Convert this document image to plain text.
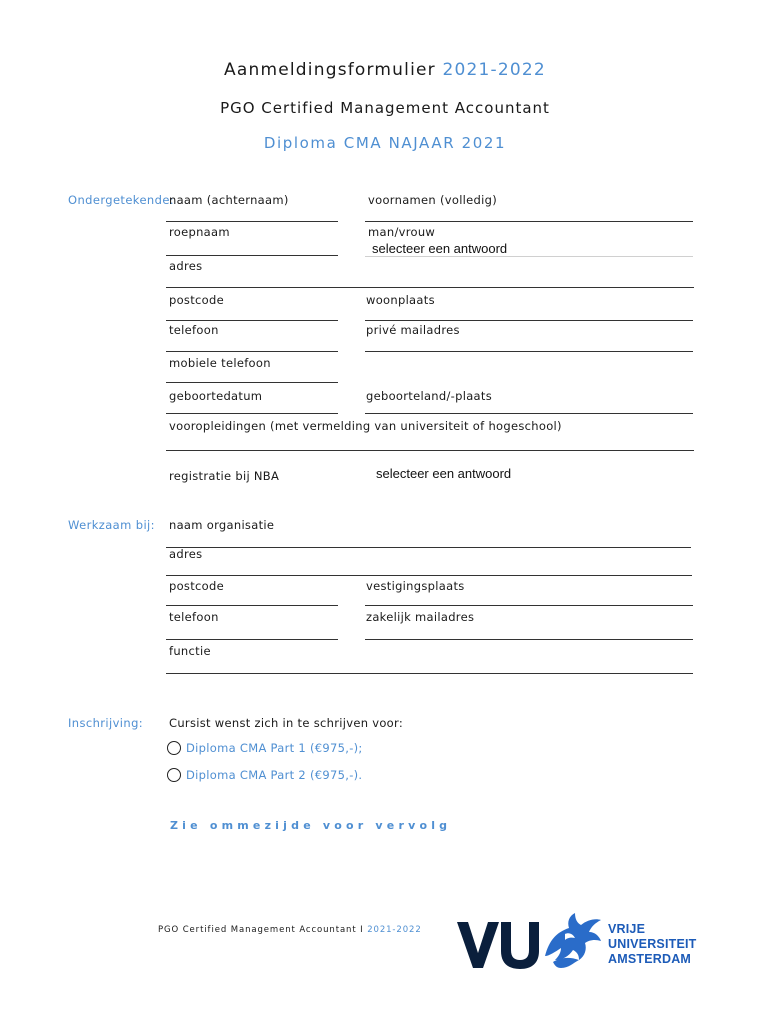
Aanmeldingsformulier 2021-2022
PGO Certified Management Accountant
Diploma CMA NAJAAR 2021
Ondergetekende:
naam (achternaam)	voornamen (volledig)
roepnaam	man/vrouw
selecteer een antwoord
adres
postcode	woonplaats
telefoon	privé mailadres
mobiele telefoon
geboortedatum	geboorteland/-plaats
vooropleidingen (met vermelding van universiteit of hogeschool)
registratie bij NBA	selecteer een antwoord
Werkzaam bij: naam organisatie
adres
postcode	vestigingsplaats
telefoon	zakelijk mailadres
functie
Inschrijving: Cursist wenst zich in te schrijven voor:
Diploma CMA Part 1 (€975,-);
Diploma CMA Part 2 (€975,-).
Zie ommezijde voor vervolg
PGO Certified Management Accountant I 2021-2022	VRIJE
UNIVERSITEIT
AMSTERDAM
